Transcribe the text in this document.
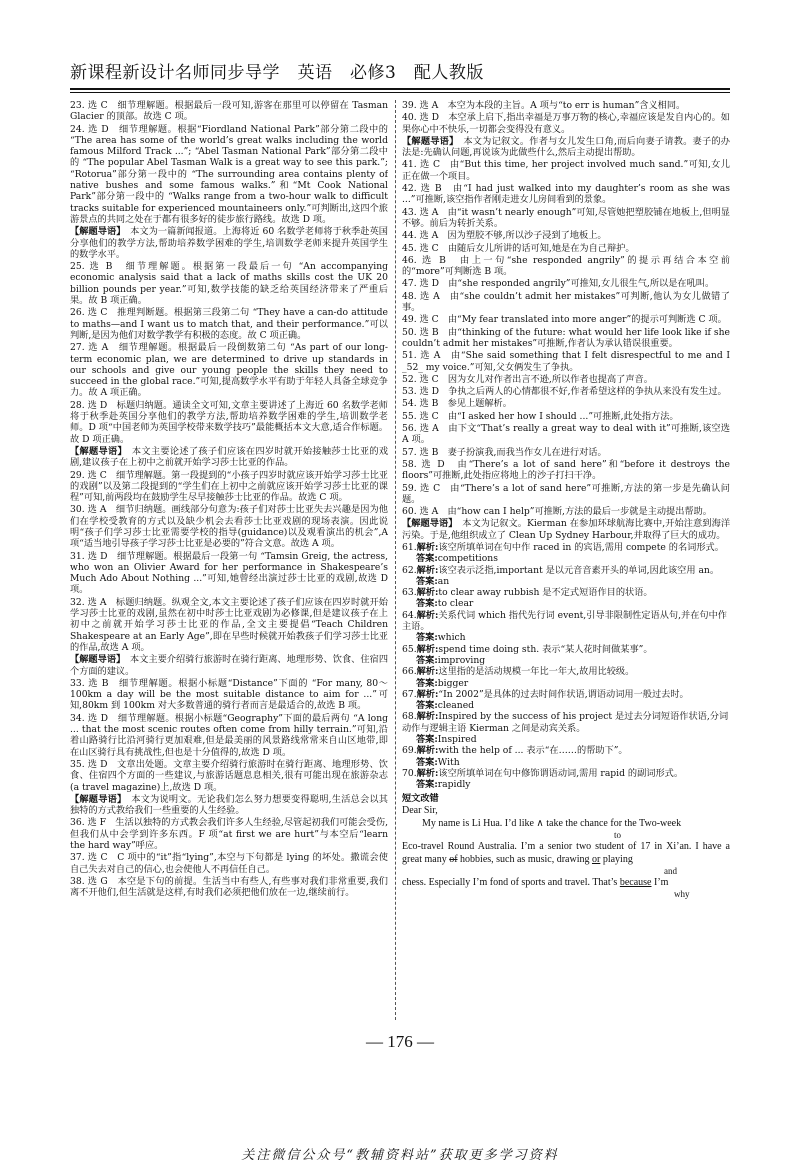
新课程新设计名师同步导学　英语　必修3　配人教版
23. 选 C　细节理解题。根据最后一段可知,游客在那里可以停留在 Tasman Glacier 的顶部。故选 C 项。
24. 选 D　细节理解题。根据“Fiordland National Park”部分第二段中的 “The area has some of the world’s great walks including the world famous Milford Track ...”; “Abel Tasman National Park”部分第二段中的 “The popular Abel Tasman Walk is a great way to see this park.”; “Rotorua”部分第一段中的 “The surrounding area contains plenty of native bushes and some famous walks.”和“Mt Cook National Park”部分第一段中的 “Walks range from a two-hour walk to difficult tracks suitable for experienced mountaineers only.”可判断出,这四个旅游景点的共同之处在于都有很多好的徒步旅行路线。故选 D 项。
【解题导语】　本文为一篇新闻报道。上海将近 60 名数学老师将于秋季赴英国分享他们的教学方法,帮助培养数学困难的学生,培训数学老师来提升英国学生的数学水平。
25. 选 B　细节理解题。根据第一段最后一句 “An accompanying economic analysis said that a lack of maths skills cost the UK 20 billion pounds per year.”可知,数学技能的缺乏给英国经济带来了严重后果。故 B 项正确。
26. 选 C　推理判断题。根据第三段第二句 “They have a can-do attitude to maths—and I want us to match that, and their performance.”可以判断,是因为他们对数学教学有积极的态度。故 C 项正确。
27. 选 A　细节理解题。根据最后一段倒数第二句 “As part of our long-term economic plan, we are determined to drive up standards in our schools and give our young people the skills they need to succeed in the global race.”可知,提高数学水平有助于年轻人具备全球竞争力。故 A 项正确。
28. 选 D　标题归纳题。通读全文可知,文章主要讲述了上海近 60 名数学老师将于秋季赴英国分享他们的教学方法,帮助培养数学困难的学生,培训数学老师。D 项“中国老师为英国学校带来数学技巧”最能概括本文大意,适合作标题。故 D 项正确。
【解题导语】　本文主要论述了孩子们应该在四岁时就开始接触莎士比亚的戏剧,建议孩子在上初中之前就开始学习莎士比亚的作品。
29. 选 C　细节理解题。第一段提到的“小孩子四岁时就应该开始学习莎士比亚的戏剧”以及第二段提到的“学生们在上初中之前就应该开始学习莎士比亚的课程”可知,前两段均在鼓励学生尽早接触莎士比亚的作品。故选 C 项。
30. 选 A　细节归纳题。画线部分句意为:孩子们对莎士比亚失去兴趣是因为他们在学校受教育的方式以及缺少机会去看莎士比亚戏剧的现场表演。因此说明“孩子们学习莎士比亚需要学校的指导(guidance)以及观看演出的机会”,A 项“适当地引导孩子学习莎士比亚是必要的”符合文意。故选 A 项。
31. 选 D　细节理解题。根据最后一段第一句 “Tamsin Greig, the actress, who won an Olivier Award for her performance in Shakespeare’s Much Ado About Nothing ...”可知,她曾经出演过莎士比亚的戏剧,故选 D 项。
32. 选 A　标题归纳题。纵观全文,本文主要论述了孩子们应该在四岁时就开始学习莎士比亚的戏剧,虽然在初中时莎士比亚戏剧为必修课,但是建议孩子在上初中之前就开始学习莎士比亚的作品,全文主要提倡“Teach Children Shakespeare at an Early Age”,即在早些时候就开始教孩子们学习莎士比亚的作品,故选 A 项。
【解题导语】　本文主要介绍骑行旅游时在骑行距离、地理形势、饮食、住宿四个方面的建议。
33. 选 B　细节理解题。根据小标题“Distance”下面的 “For many, 80～100km a day will be the most suitable distance to aim for ...”可知,80km 到 100km 对大多数普通的骑行者而言是最适合的,故选 B 项。
34. 选 D　细节理解题。根据小标题“Geography”下面的最后两句 “A long ... that the most scenic routes often come from hilly terrain.”可知,沿着山路骑行比沿河骑行更加艰难,但是最美丽的风景路线常常来自山区地带,即在山区骑行具有挑战性,但也是十分值得的,故选 D 项。
35. 选 D　文章出处题。文章主要介绍骑行旅游时在骑行距离、地理形势、饮食、住宿四个方面的一些建议,与旅游话题息息相关,很有可能出现在旅游杂志(a travel magazine)上,故选 D 项。
【解题导语】　本文为说明文。无论我们怎么努力想要变得聪明,生活总会以其独特的方式教给我们一些重要的人生经验。
36. 选 F　生活以独特的方式教会我们许多人生经验,尽管起初我们可能会受伤,但我们从中会学到许多东西。F 项“at first we are hurt”与本空后“learn the hard way”呼应。
37. 选 C　C 项中的“it”指“lying”,本空与下句都是 lying 的坏处。撒谎会使自己失去对自己的信心,也会使他人不再信任自己。
38. 选 G　本空是下句的前提。生活当中有些人,有些事对我们非常重要,我们离不开他们,但生活就是这样,有时我们必须把他们放在一边,继续前行。
39. 选 A　本空为本段的主旨。A 项与“to err is human”含义相同。
40. 选 D　本空承上启下,指出幸福是万事万物的核心,幸福应该是发自内心的。如果你心中不快乐,一切都会变得没有意义。
【解题导语】　本文为记叙文。作者与女儿发生口角,而后向妻子请教。妻子的办法是:先确认问题,再说该为此做些什么,然后主动提出帮助。
41. 选 C　由“But this time, her project involved much sand.”可知,女儿正在做一个项目。
42. 选 B　由“I had just walked into my daughter’s room as she was ...”可推断,该空指作者刚走进女儿房间看到的景象。
43. 选 A　由“it wasn’t nearly enough”可知,尽管她把塑胶铺在地板上,但明显不够。前后为转折关系。
44. 选 A　因为塑胶不够,所以沙子浸到了地板上。
45. 选 C　由随后女儿所讲的话可知,她是在为自己辩护。
46. 选 B　由上一句“she responded angrily”的提示再结合本空前的“more”可判断选 B 项。
47. 选 D　由“she responded angrily”可推知,女儿很生气,所以是在吼叫。
48. 选 A　由“she couldn’t admit her mistakes”可判断,他认为女儿做错了事。
49. 选 C　由“My fear translated into more anger”的提示可判断选 C 项。
50. 选 B　由“thinking of the future: what would her life look like if she couldn’t admit her mistakes”可推断,作者认为承认错误很重要。
51. 选 A　由“She said something that I felt disrespectful to me and I _52_ my voice.”可知,父女俩发生了争执。
52. 选 C　因为女儿对作者出言不逊,所以作者也提高了声音。
53. 选 D　争执之后两人的心情都很不好,作者希望这样的争执从来没有发生过。
54. 选 B　参见上题解析。
55. 选 C　由“I asked her how I should ...”可推断,此处指方法。
56. 选 A　由下文“That’s really a great way to deal with it”可推断,该空选 A 项。
57. 选 B　妻子扮演我,而我当作女儿在进行对话。
58. 选 D　由“There’s a lot of sand here”和“before it destroys the floors”可推断,此处指应将地上的沙子打扫干净。
59. 选 C　由“There’s a lot of sand here”可推断,方法的第一步是先确认问题。
60. 选 A　由“how can I help”可推断,方法的最后一步就是主动提出帮助。
【解题导语】　本文为记叙文。Kierman 在参加环球航海比赛中,开始注意到海洋污染。于是,他组织成立了 Clean Up Sydney Harbour,并取得了巨大的成功。
61.解析:该空所填单词在句中作 raced in 的宾语,需用 compete 的名词形式。
答案:competitions
62.解析:该空表示泛指,important 是以元音音素开头的单词,因此该空用 an。
答案:an
63.解析:to clear away rubbish 是不定式短语作目的状语。
答案:to clear
64.解析:关系代词 which 指代先行词 event,引导非限制性定语从句,并在句中作主语。
答案:which
65.解析:spend time doing sth. 表示“某人花时间做某事”。
答案:improving
66.解析:这里指的是活动规模一年比一年大,故用比较级。
答案:bigger
67.解析:“In 2002”是具体的过去时间作状语,谓语动词用一般过去时。
答案:cleaned
68.解析:Inspired by the success of his project 是过去分词短语作状语,分词动作与逻辑主语 Kierman 之间是动宾关系。
答案:Inspired
69.解析:with the help of ... 表示“在……的帮助下”。
答案:With
70.解析:该空所填单词在句中修饰谓语动词,需用 rapid 的副词形式。
答案:rapidly
短文改错

Dear Sir,

My name is Li Hua. I’d like ∧ take the chance for the Two-week

to

Eco-travel Round Australia. I’m a senior two student of 17 in Xi’an. I have a great many of hobbies, such as music, drawing or playing

and

chess. Especially I’m fond of sports and travel. That’s because I’m

why

— 176 —
关注微信公众号“教辅资料站”获取更多学习资料
